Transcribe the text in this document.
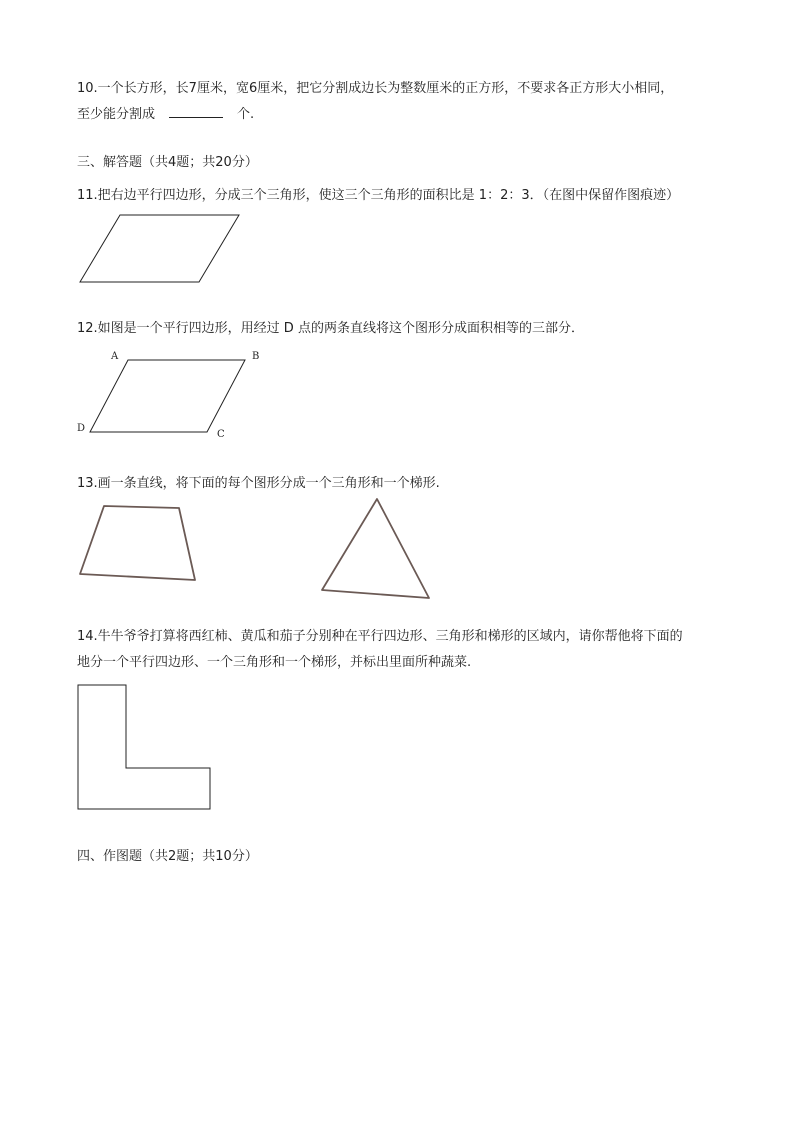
10.一个长方形，长7厘米，宽6厘米，把它分割成边长为整数厘米的正方形，不要求各正方形大小相同，
至少能分割成	个.
三、解答题（共4题；共20分）
11.把右边平行四边形，分成三个三角形，使这三个三角形的面积比是 1：2：3．（在图中保留作图痕迹）
A	B
C
D
12.如图是一个平行四边形，用经过 D 点的两条直线将这个图形分成面积相等的三部分．
13.画一条直线，将下面的每个图形分成一个三角形和一个梯形.
14.牛牛爷爷打算将西红柿、黄瓜和茄子分别种在平行四边形、三角形和梯形的区域内，请你帮他将下面的
地分一个平行四边形、一个三角形和一个梯形，并标出里面所种蔬菜.
四、作图题（共2题；共10分）
